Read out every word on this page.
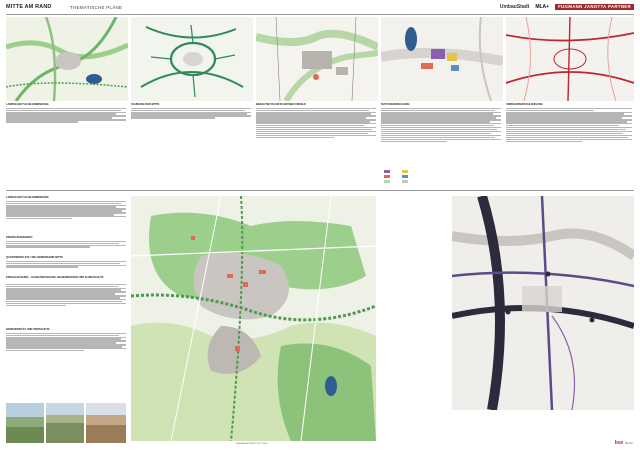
MITTE AM RAND	THEMATISCHE PLÄNE	UmbauStadt MLA+	FUGMANN JANOTTA PARTNER
LANDSCHAFTLICHE EINBINDUNG	SCHWUNG DER MITTE	BEBAUTER RAUM IM GRÜNEN UMFELD	NUTZUNGSMISCHUNG	VERKEHRSERSCHLIESSUNG
LANDSCHAFTLICHE EINBINDUNG
FREIRAUMANGEBOT
QUARTIERSPLATZ / DIE GEMEINSAME MITTE
ERSCHLIESSUNG – KLIMAANPASSUNG, REGENWASSER UND KLIMASCHUTZ
BIODIVERSITÄT UND TIERSCHUTZ
FREIRAUMKONZEPT M 1:5000	bse Berlin
